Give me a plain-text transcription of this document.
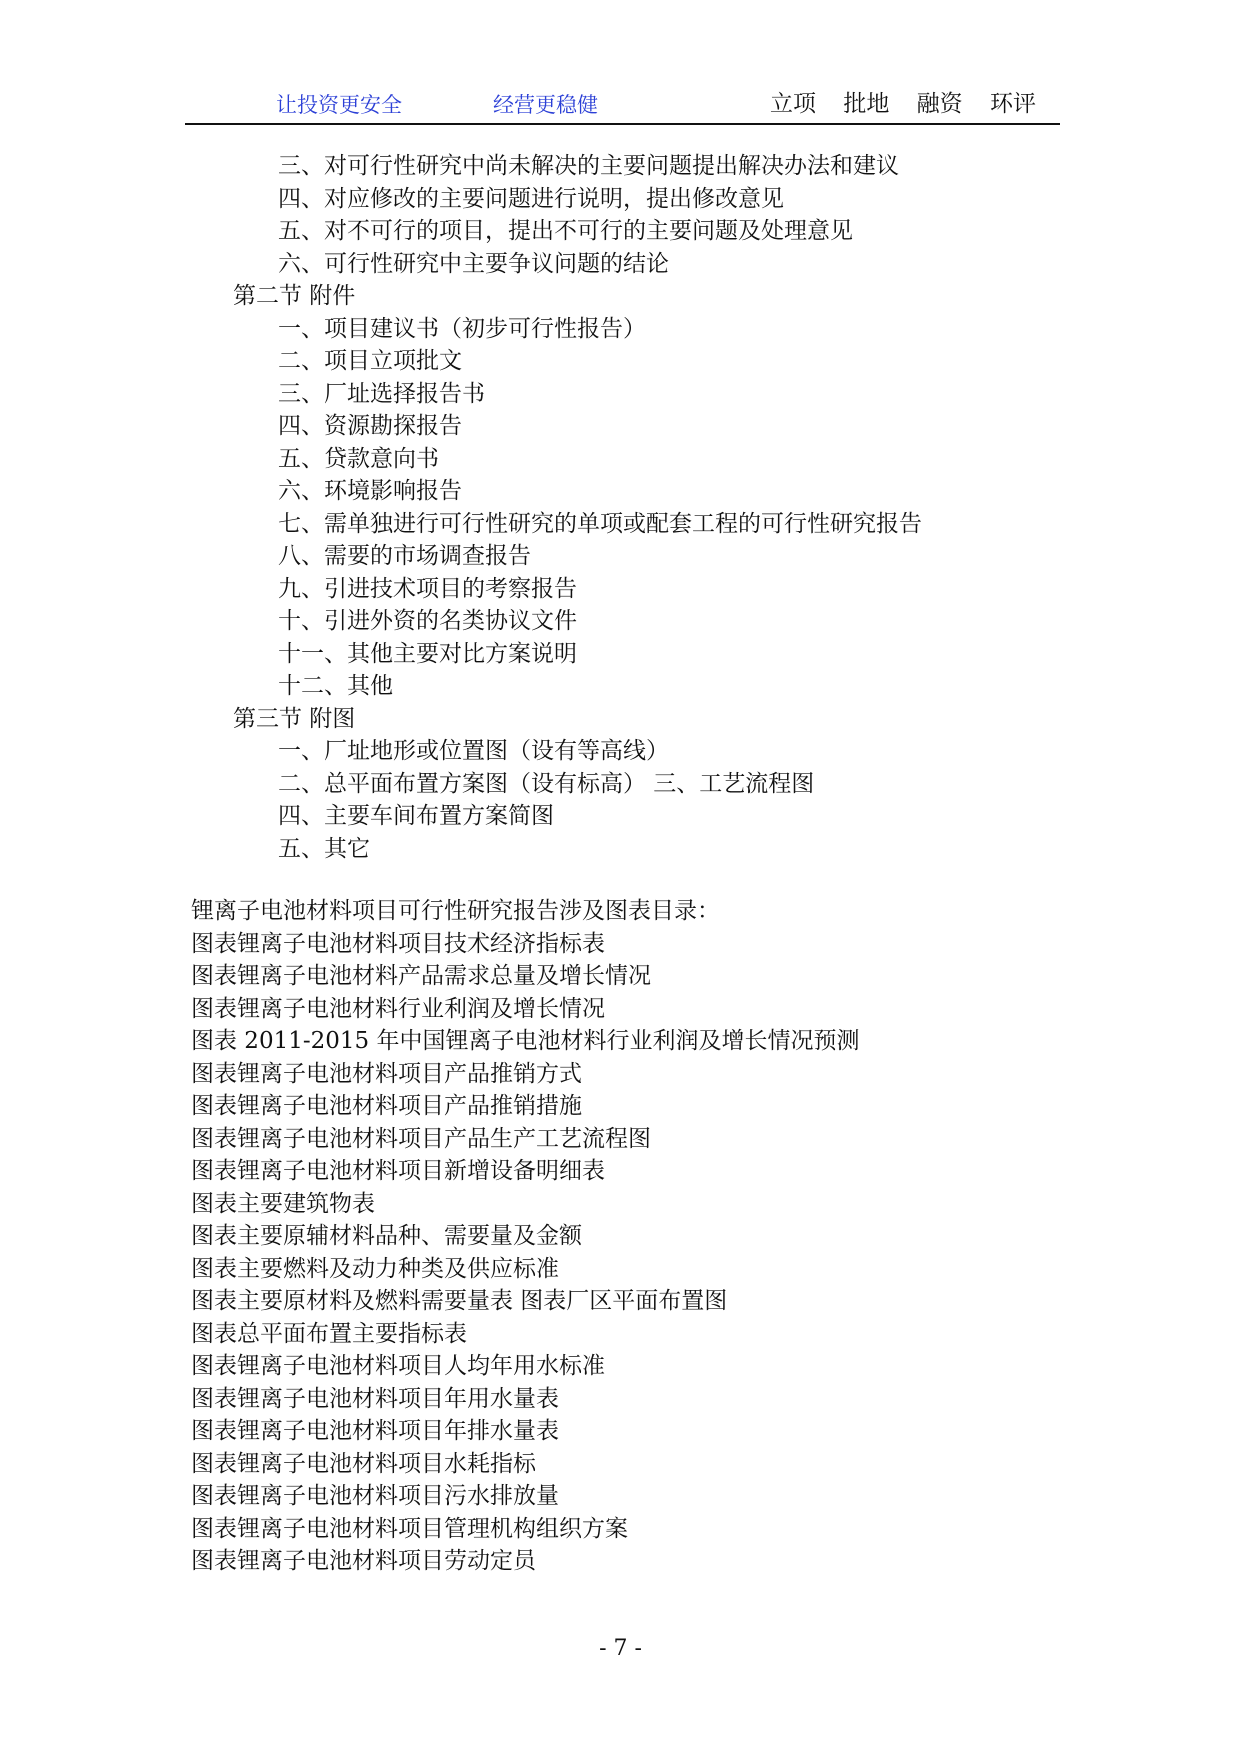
让投资更安全	经营更稳健	立项 批地 融资 环评
三、对可行性研究中尚未解决的主要问题提出解决办法和建议
四、对应修改的主要问题进行说明，提出修改意见
五、对不可行的项目，提出不可行的主要问题及处理意见
六、可行性研究中主要争议问题的结论
第二节 附件
一、项目建议书（初步可行性报告）
二、项目立项批文
三、厂址选择报告书
四、资源勘探报告
五、贷款意向书
六、环境影响报告
七、需单独进行可行性研究的单项或配套工程的可行性研究报告
八、需要的市场调查报告
九、引进技术项目的考察报告
十、引进外资的名类协议文件
十一、其他主要对比方案说明
十二、其他
第三节 附图
一、厂址地形或位置图（设有等高线）
二、总平面布置方案图（设有标高） 三、工艺流程图
四、主要车间布置方案简图
五、其它
锂离子电池材料项目可行性研究报告涉及图表目录：
图表锂离子电池材料项目技术经济指标表
图表锂离子电池材料产品需求总量及增长情况
图表锂离子电池材料行业利润及增长情况
图表 2011-2015 年中国锂离子电池材料行业利润及增长情况预测
图表锂离子电池材料项目产品推销方式
图表锂离子电池材料项目产品推销措施
图表锂离子电池材料项目产品生产工艺流程图
图表锂离子电池材料项目新增设备明细表
图表主要建筑物表
图表主要原辅材料品种、需要量及金额
图表主要燃料及动力种类及供应标准
图表主要原材料及燃料需要量表 图表厂区平面布置图
图表总平面布置主要指标表
图表锂离子电池材料项目人均年用水标准
图表锂离子电池材料项目年用水量表
图表锂离子电池材料项目年排水量表
图表锂离子电池材料项目水耗指标
图表锂离子电池材料项目污水排放量
图表锂离子电池材料项目管理机构组织方案
图表锂离子电池材料项目劳动定员
- 7 -
